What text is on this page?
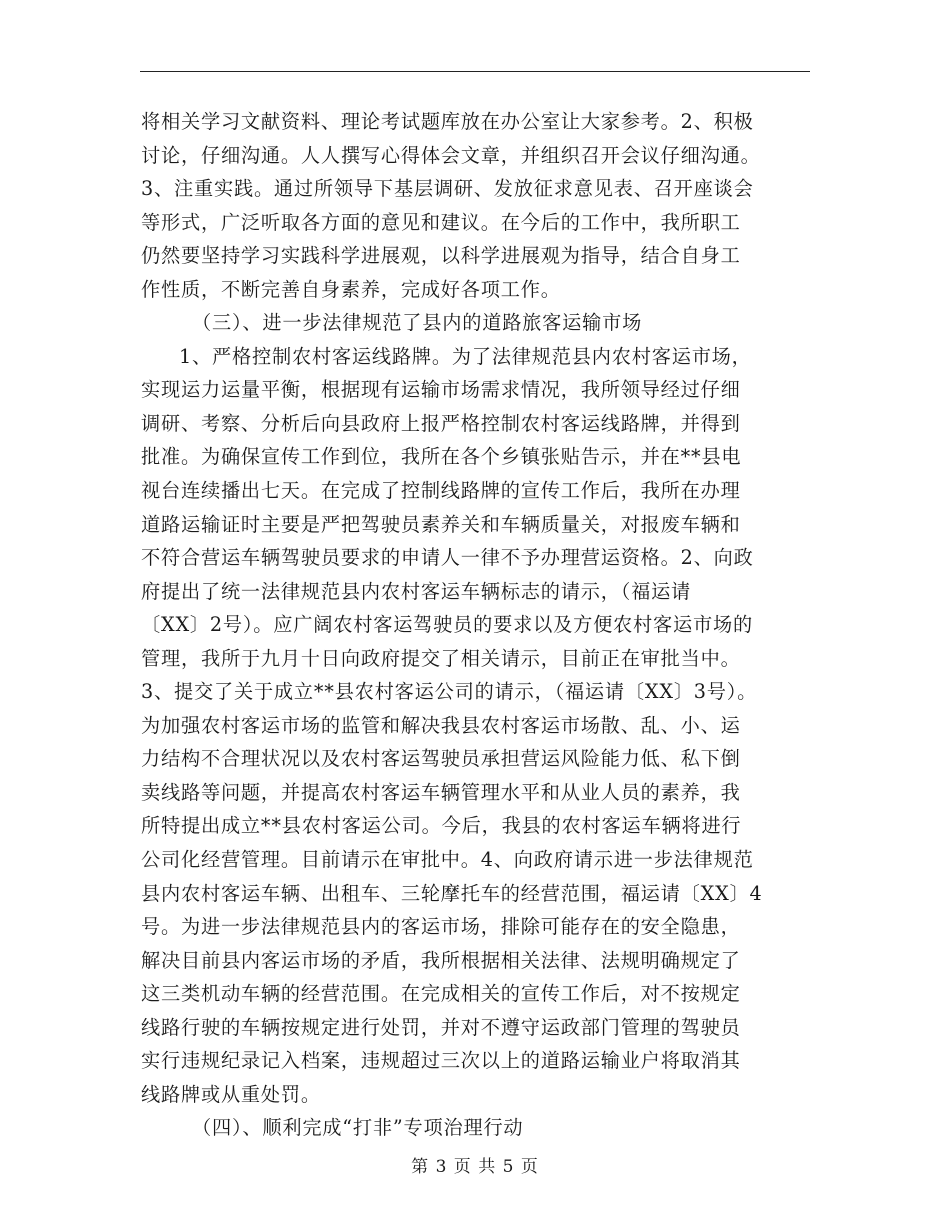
将相关学习文献资料、理论考试题库放在办公室让大家参考。2、积极
讨论，仔细沟通。人人撰写心得体会文章，并组织召开会议仔细沟通。
3、注重实践。通过所领导下基层调研、发放征求意见表、召开座谈会
等形式，广泛听取各方面的意见和建议。在今后的工作中，我所职工
仍然要坚持学习实践科学进展观，以科学进展观为指导，结合自身工
作性质，不断完善自身素养，完成好各项工作。
（三）、进一步法律规范了县内的道路旅客运输市场
1、严格控制农村客运线路牌。为了法律规范县内农村客运市场，
实现运力运量平衡，根据现有运输市场需求情况，我所领导经过仔细
调研、考察、分析后向县政府上报严格控制农村客运线路牌，并得到
批准。为确保宣传工作到位，我所在各个乡镇张贴告示，并在**县电
视台连续播出七天。在完成了控制线路牌的宣传工作后，我所在办理
道路运输证时主要是严把驾驶员素养关和车辆质量关，对报废车辆和
不符合营运车辆驾驶员要求的申请人一律不予办理营运资格。2、向政
府提出了统一法律规范县内农村客运车辆标志的请示，（福运请
〔XX〕2号）。应广阔农村客运驾驶员的要求以及方便农村客运市场的
管理，我所于九月十日向政府提交了相关请示，目前正在审批当中。
3、提交了关于成立**县农村客运公司的请示，（福运请〔XX〕3号）。
为加强农村客运市场的监管和解决我县农村客运市场散、乱、小、运
力结构不合理状况以及农村客运驾驶员承担营运风险能力低、私下倒
卖线路等问题，并提高农村客运车辆管理水平和从业人员的素养，我
所特提出成立**县农村客运公司。今后，我县的农村客运车辆将进行
公司化经营管理。目前请示在审批中。4、向政府请示进一步法律规范
县内农村客运车辆、出租车、三轮摩托车的经营范围，福运请〔XX〕4
号。为进一步法律规范县内的客运市场，排除可能存在的安全隐患，
解决目前县内客运市场的矛盾，我所根据相关法律、法规明确规定了
这三类机动车辆的经营范围。在完成相关的宣传工作后，对不按规定
线路行驶的车辆按规定进行处罚，并对不遵守运政部门管理的驾驶员
实行违规纪录记入档案，违规超过三次以上的道路运输业户将取消其
线路牌或从重处罚。
（四）、顺利完成“打非”专项治理行动
第 3 页 共 5 页
